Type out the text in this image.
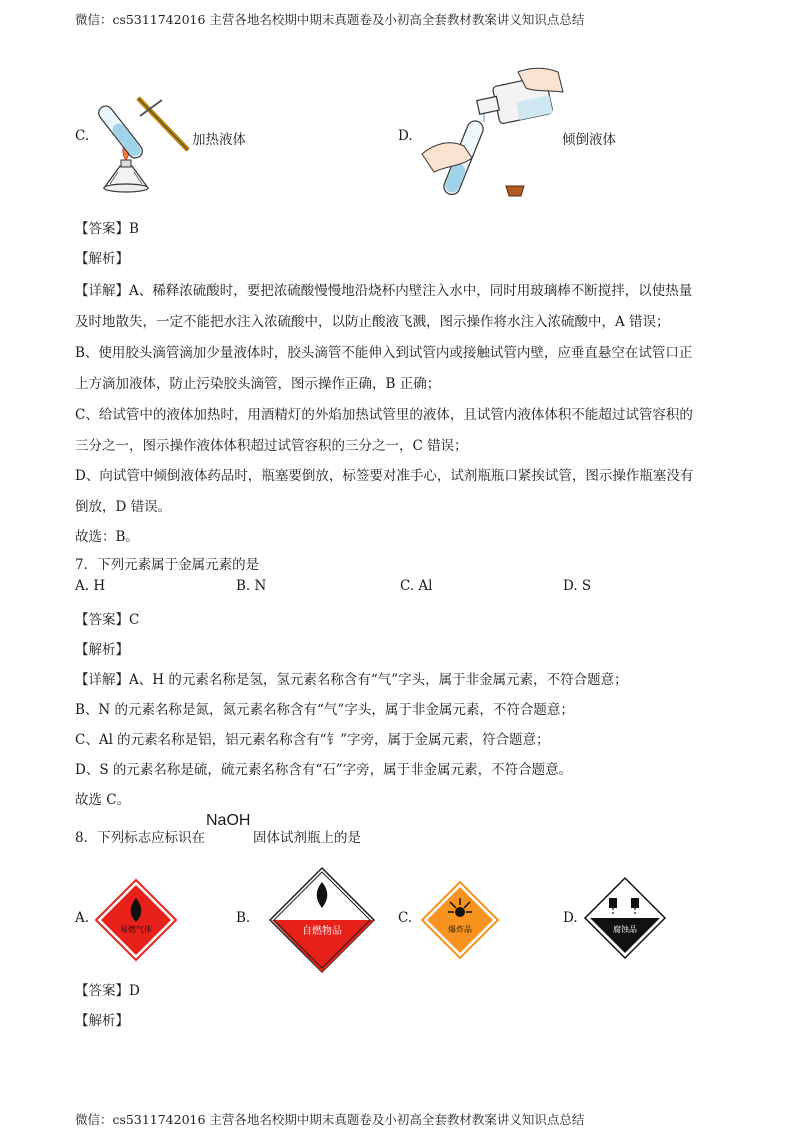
微信：cs5311742016 主营各地名校期中期末真题卷及小初高全套教材教案讲义知识点总结
C.	加热液体	D.	倾倒液体
【答案】B
【解析】
【详解】A、稀释浓硫酸时，要把浓硫酸慢慢地沿烧杯内壁注入水中，同时用玻璃棒不断搅拌，以使热量
及时地散失，一定不能把水注入浓硫酸中，以防止酸液飞溅，图示操作将水注入浓硫酸中，A 错误；
B、使用胶头滴管滴加少量液体时，胶头滴管不能伸入到试管内或接触试管内壁，应垂直悬空在试管口正
上方滴加液体，防止污染胶头滴管，图示操作正确，B 正确；
C、给试管中的液体加热时，用酒精灯的外焰加热试管里的液体，且试管内液体体积不能超过试管容积的
三分之一，图示操作液体体积超过试管容积的三分之一，C 错误；
D、向试管中倾倒液体药品时，瓶塞要倒放，标签要对准手心，试剂瓶瓶口紧挨试管，图示操作瓶塞没有
倒放，D 错误。
故选：B。
7．下列元素属于金属元素的是
A. H	B. N	C. Al	D. S
【答案】C
【解析】
【详解】A、H 的元素名称是氢，氢元素名称含有“气”字头，属于非金属元素，不符合题意；
B、N 的元素名称是氮，氮元素名称含有“气”字头，属于非金属元素，不符合题意；
C、Al 的元素名称是铝，铝元素名称含有“钅”字旁，属于金属元素，符合题意；
D、S 的元素名称是硫，硫元素名称含有“石”字旁，属于非金属元素，不符合题意。
故选 C。
8．下列标志应标识在
NaOH
固体试剂瓶上的是
A.
易燃气体
B.
自燃物品
C.
爆炸品
D.
腐蚀品
【答案】D
【解析】
微信：cs5311742016 主营各地名校期中期末真题卷及小初高全套教材教案讲义知识点总结
